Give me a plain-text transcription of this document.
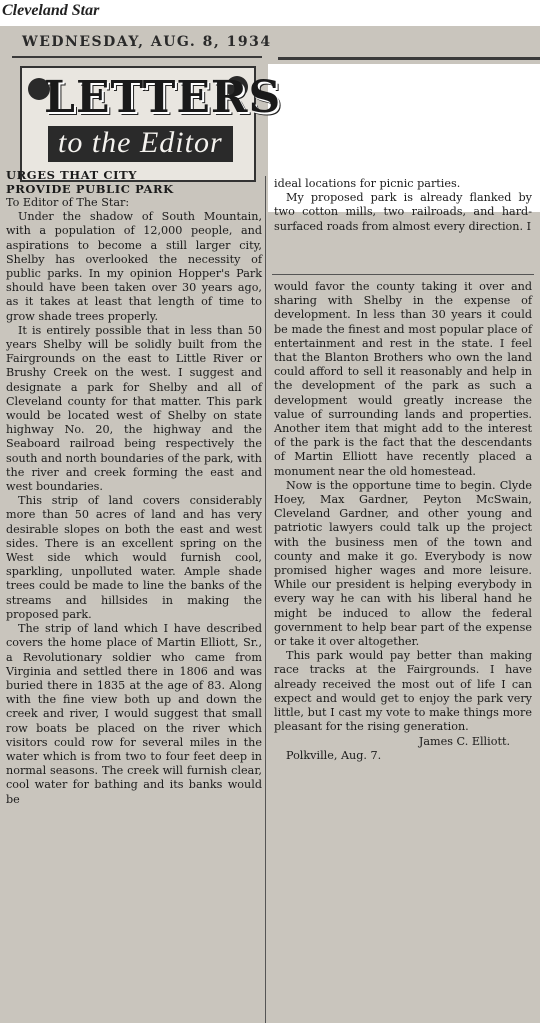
Cleveland Star
WEDNESDAY, AUG. 8, 1934
LETTERS
to the Editor

URGES THAT CITY

PROVIDE PUBLIC PARK

To Editor of The Star:

Under the shadow of South Mountain, with a population of 12,000 people, and aspirations to become a still larger city, Shelby has overlooked the necessity of public parks. In my opinion Hopper's Park should have been taken over 30 years ago, as it takes at least that length of time to grow shade trees properly.

It is entirely possible that in less than 50 years Shelby will be solidly built from the Fairgrounds on the east to Little River or Brushy Creek on the west. I suggest and designate a park for Shelby and all of Cleveland county for that matter. This park would be located west of Shelby on state highway No. 20, the highway and the Seaboard railroad being respectively the south and north boundaries of the park, with the river and creek forming the east and west boundaries.

This strip of land covers considerably more than 50 acres of land and has very desirable slopes on both the east and west sides. There is an excellent spring on the West side which would furnish cool, sparkling, unpolluted water. Ample shade trees could be made to line the banks of the streams and hillsides in making the proposed park.

The strip of land which I have described covers the home place of Martin Elliott, Sr., a Revolutionary soldier who came from Virginia and settled there in 1806 and was buried there in 1835 at the age of 83. Along with the fine view both up and down the creek and river, I would suggest that small row boats be placed on the river which visitors could row for several miles in the water which is from two to four feet deep in normal seasons. The creek will furnish clear, cool water for bathing and its banks would be

ideal locations for picnic parties.

My proposed park is already flanked by two cotton mills, two railroads, and hard-surfaced roads from almost every direction. I

would favor the county taking it over and sharing with Shelby in the expense of development. In less than 30 years it could be made the finest and most popular place of entertainment and rest in the state. I feel that the Blanton Brothers who own the land could afford to sell it reasonably and help in the development of the park as such a development would greatly increase the value of surrounding lands and properties. Another item that might add to the interest of the park is the fact that the descendants of Martin Elliott have recently placed a monument near the old homestead.

Now is the opportune time to begin. Clyde Hoey, Max Gardner, Peyton McSwain, Cleveland Gardner, and other young and patriotic lawyers could talk up the project with the business men of the town and county and make it go. Everybody is now promised higher wages and more leisure. While our president is helping everybody in every way he can with his liberal hand he might be induced to allow the federal government to help bear part of the expense or take it over altogether.

This park would pay better than making race tracks at the Fairgrounds. I have already received the most out of life I can expect and would get to enjoy the park very little, but I cast my vote to make things more pleasant for the rising generation.

James C. Elliott.

Polkville, Aug. 7.
